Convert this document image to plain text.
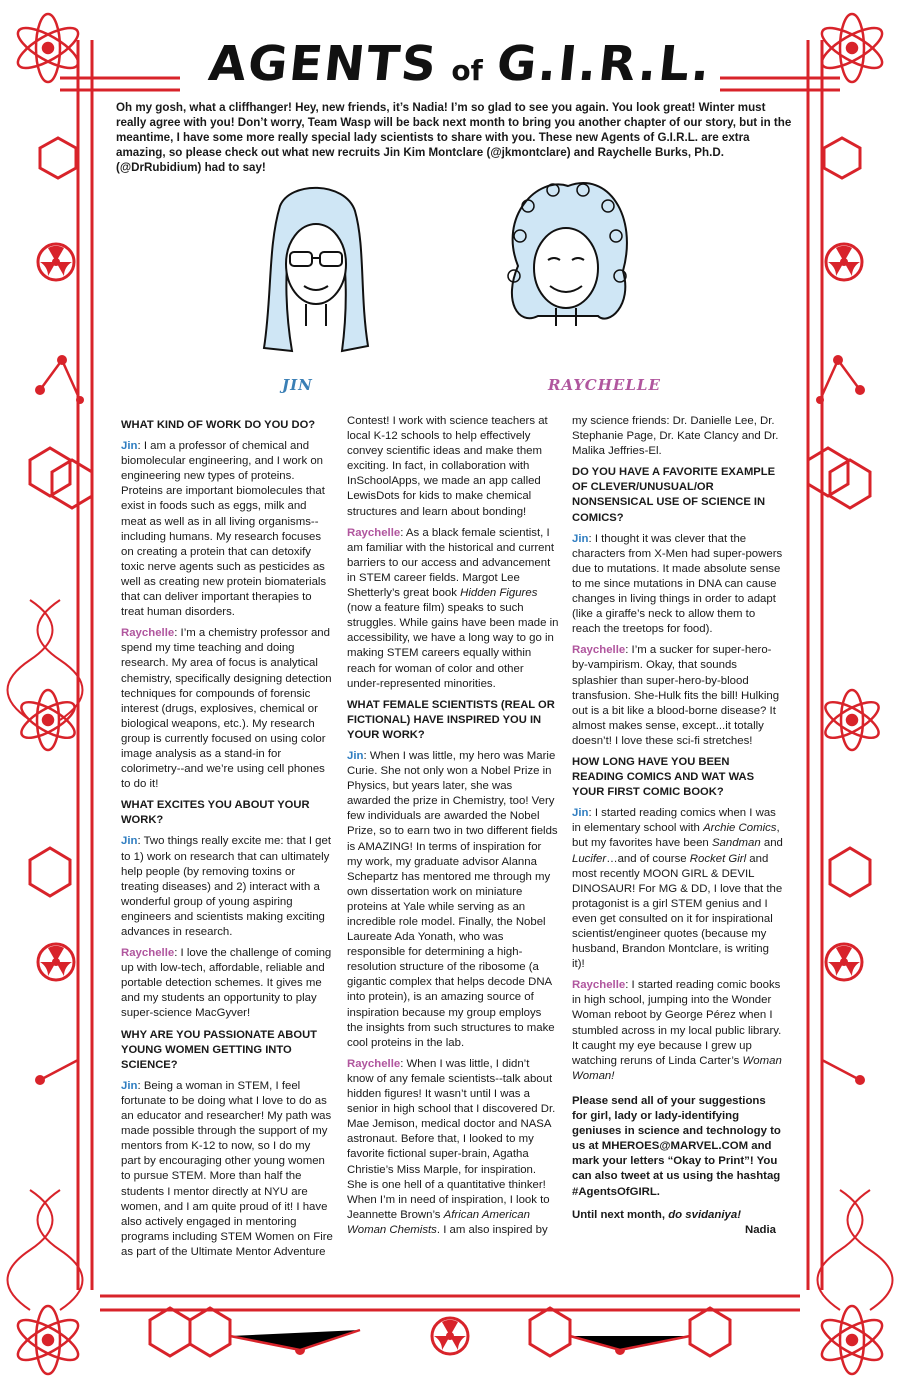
AGENTS of G.I.R.L.

Oh my gosh, what a cliffhanger! Hey, new friends, it’s Nadia! I’m so glad to see you again. You look great! Winter must really agree with you! Don’t worry, Team Wasp will be back next month to bring you another chapter of our story, but in the meantime, I have some more really special lady scientists to share with you. These new Agents of G.I.R.L. are extra amazing, so please check out what new recruits Jin Kim Montclare (@jkmontclare) and Raychelle Burks, Ph.D. (@DrRubidium) had to say!

JIN	RAYCHELLE
WHAT KIND OF WORK DO YOU DO?
Jin: I am a professor of chemical and biomolecular engineering, and I work on engineering new types of proteins. Proteins are important biomolecules that exist in foods such as eggs, milk and meat as well as in all living organisms--including humans. My research focuses on creating a protein that can detoxify toxic nerve agents such as pesticides as well as creating new protein biomaterials that can deliver important therapies to treat human disorders.
Raychelle: I’m a chemistry professor and spend my time teaching and doing research. My area of focus is analytical chemistry, specifically designing detection techniques for compounds of forensic interest (drugs, explosives, chemical or biological weapons, etc.). My research group is currently focused on using color image analysis as a stand-in for colorimetry--and we’re using cell phones to do it!
WHAT EXCITES YOU ABOUT YOUR WORK?
Jin: Two things really excite me: that I get to 1) work on research that can ultimately help people (by removing toxins or treating diseases) and 2) interact with a wonderful group of young aspiring engineers and scientists making exciting advances in research.
Raychelle: I love the challenge of coming up with low-tech, affordable, reliable and portable detection schemes. It gives me and my students an opportunity to play super-science MacGyver!
WHY ARE YOU PASSIONATE ABOUT YOUNG WOMEN GETTING INTO SCIENCE?
Jin: Being a woman in STEM, I feel fortunate to be doing what I love to do as an educator and researcher! My path was made possible through the support of my mentors from K-12 to now, so I do my part by encouraging other young women to pursue STEM. More than half the students I mentor directly at NYU are women, and I am quite proud of it! I have also actively engaged in mentoring programs including STEM Women on Fire as part of the Ultimate Mentor Adventure
Contest! I work with science teachers at local K-12 schools to help effectively convey scientific ideas and make them exciting. In fact, in collaboration with InSchoolApps, we made an app called LewisDots for kids to make chemical structures and learn about bonding!
Raychelle: As a black female scientist, I am familiar with the historical and current barriers to our access and advancement in STEM career fields. Margot Lee Shetterly’s great book Hidden Figures (now a feature film) speaks to such struggles. While gains have been made in accessibility, we have a long way to go in making STEM careers equally within reach for woman of color and other under-represented minorities.
WHAT FEMALE SCIENTISTS (REAL OR FICTIONAL) HAVE INSPIRED YOU IN YOUR WORK?
Jin: When I was little, my hero was Marie Curie. She not only won a Nobel Prize in Physics, but years later, she was awarded the prize in Chemistry, too! Very few individuals are awarded the Nobel Prize, so to earn two in two different fields is AMAZING! In terms of inspiration for my work, my graduate advisor Alanna Schepartz has mentored me through my own dissertation work on miniature proteins at Yale while serving as an incredible role model. Finally, the Nobel Laureate Ada Yonath, who was responsible for determining a high-resolution structure of the ribosome (a gigantic complex that helps decode DNA into protein), is an amazing source of inspiration because my group employs the insights from such structures to make cool proteins in the lab.
Raychelle: When I was little, I didn’t know of any female scientists--talk about hidden figures! It wasn’t until I was a senior in high school that I discovered Dr. Mae Jemison, medical doctor and NASA astronaut. Before that, I looked to my favorite fictional super-brain, Agatha Christie’s Miss Marple, for inspiration. She is one hell of a quantitative thinker! When I’m in need of inspiration, I look to Jeannette Brown’s African American Woman Chemists. I am also inspired by
my science friends: Dr. Danielle Lee, Dr. Stephanie Page, Dr. Kate Clancy and Dr. Malika Jeffries-El.
DO YOU HAVE A FAVORITE EXAMPLE OF CLEVER/UNUSUAL/OR NONSENSICAL USE OF SCIENCE IN COMICS?
Jin: I thought it was clever that the characters from X-Men had super-powers due to mutations. It made absolute sense to me since mutations in DNA can cause changes in living things in order to adapt (like a giraffe’s neck to allow them to reach the treetops for food).
Raychelle: I’m a sucker for super-hero-by-vampirism. Okay, that sounds splashier than super-hero-by-blood transfusion. She-Hulk fits the bill! Hulking out is a bit like a blood-borne disease? It almost makes sense, except...it totally doesn’t! I love these sci-fi stretches!
HOW LONG HAVE YOU BEEN READING COMICS AND WAT WAS YOUR FIRST COMIC BOOK?
Jin: I started reading comics when I was in elementary school with Archie Comics, but my favorites have been Sandman and Lucifer…and of course Rocket Girl and most recently MOON GIRL & DEVIL DINOSAUR! For MG & DD, I love that the protagonist is a girl STEM genius and I even get consulted on it for inspirational scientist/engineer quotes (because my husband, Brandon Montclare, is writing it)!
Raychelle: I started reading comic books in high school, jumping into the Wonder Woman reboot by George Pérez when I stumbled across in my local public library. It caught my eye because I grew up watching reruns of Linda Carter’s Woman Woman!
Please send all of your suggestions for girl, lady or lady-identifying geniuses in science and technology to us at MHEROES@MARVEL.COM and mark your letters “Okay to Print”! You can also tweet at us using the hashtag #AgentsOfGIRL.
Until next month, do svidaniya!
Nadia
